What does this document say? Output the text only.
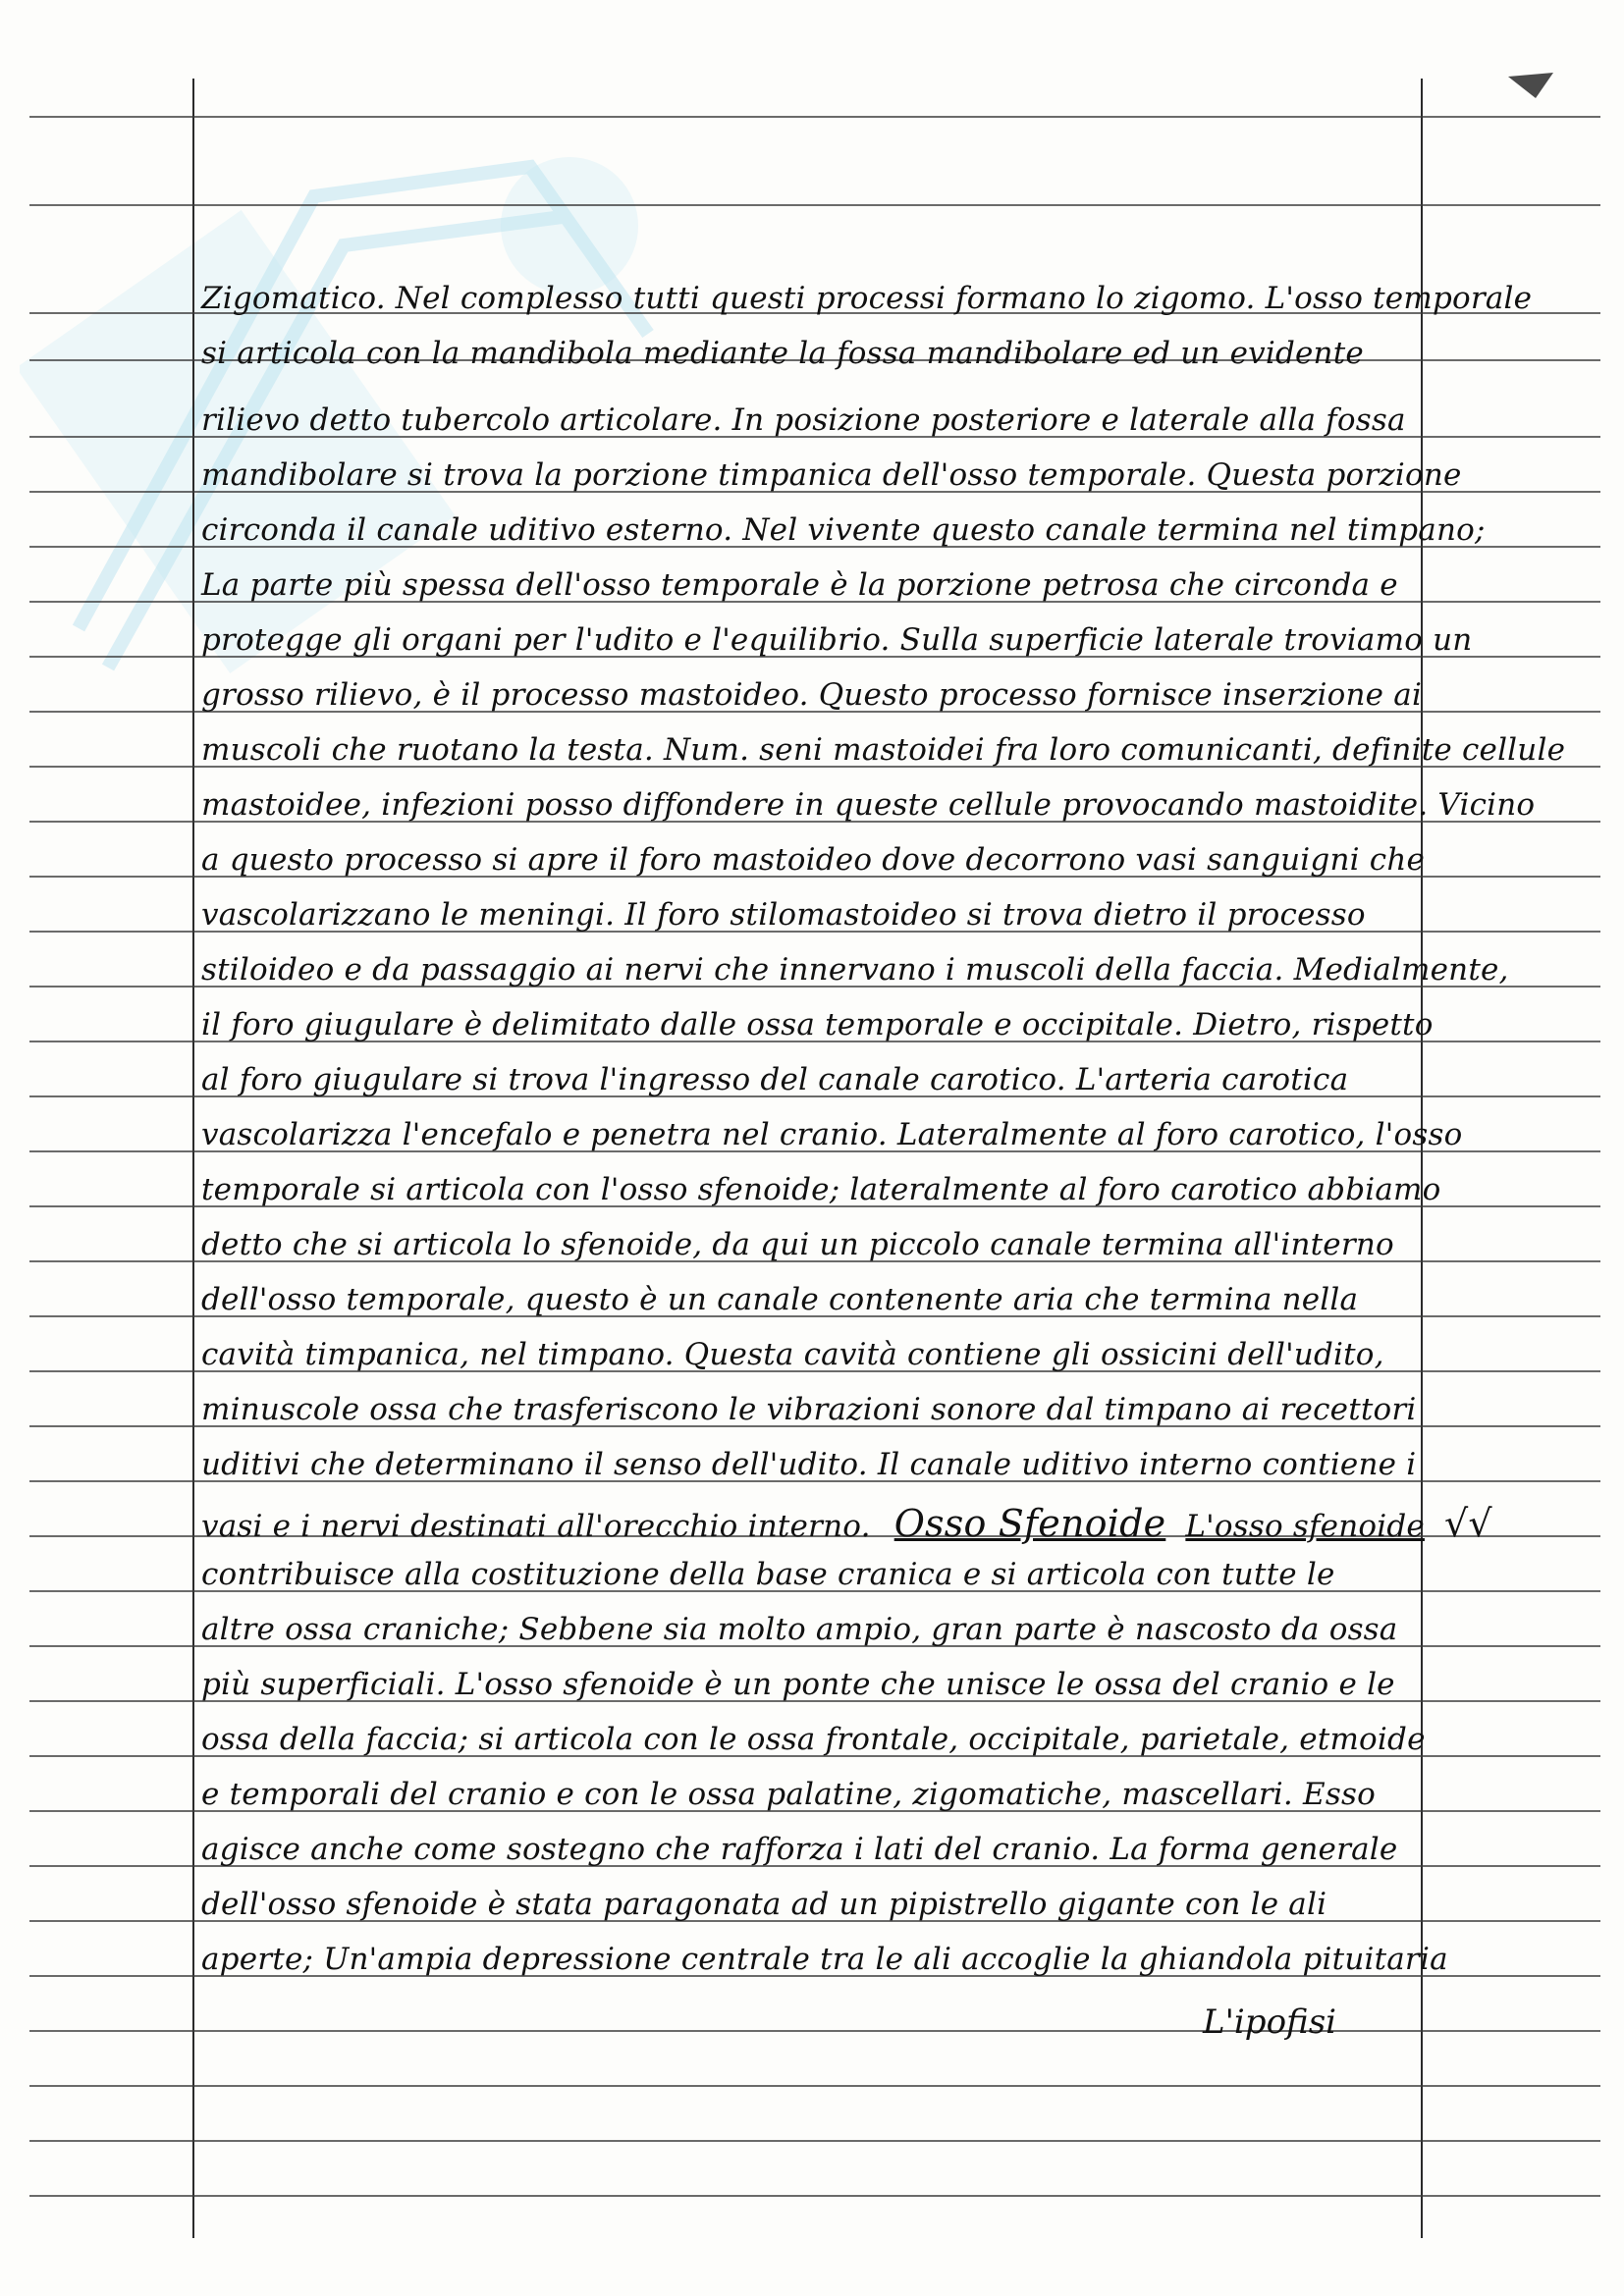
Zigomatico. Nel complesso tutti questi processi formano lo zigomo. L'osso temporale
si articola con la mandibola mediante la fossa mandibolare ed un evidente
rilievo detto tubercolo articolare. In posizione posteriore e laterale alla fossa
mandibolare si trova la porzione timpanica dell'osso temporale. Questa porzione
circonda il canale uditivo esterno. Nel vivente questo canale termina nel timpano;
La parte più spessa dell'osso temporale è la porzione petrosa che circonda e
protegge gli organi per l'udito e l'equilibrio. Sulla superficie laterale troviamo un
grosso rilievo, è il processo mastoideo. Questo processo fornisce inserzione ai
muscoli che ruotano la testa. Num. seni mastoidei fra loro comunicanti, definite cellule
mastoidee, infezioni posso diffondere in queste cellule provocando mastoidite. Vicino
a questo processo si apre il foro mastoideo dove decorrono vasi sanguigni che
vascolarizzano le meningi. Il foro stilomastoideo si trova dietro il processo
stiloideo e da passaggio ai nervi che innervano i muscoli della faccia. Medialmente,
il foro giugulare è delimitato dalle ossa temporale e occipitale. Dietro, rispetto
al foro giugulare si trova l'ingresso del canale carotico. L'arteria carotica
vascolarizza l'encefalo e penetra nel cranio. Lateralmente al foro carotico, l'osso
temporale si articola con l'osso sfenoide; lateralmente al foro carotico abbiamo
detto che si articola lo sfenoide, da qui un piccolo canale termina all'interno
dell'osso temporale, questo è un canale contenente aria che termina nella
cavità timpanica, nel timpano. Questa cavità contiene gli ossicini dell'udito,
minuscole ossa che trasferiscono le vibrazioni sonore dal timpano ai recettori
uditivi che determinano il senso dell'udito. Il canale uditivo interno contiene i
vasi e i nervi destinati all'orecchio interno. Osso Sfenoide L'osso sfenoide √√
contribuisce alla costituzione della base cranica e si articola con tutte le
altre ossa craniche; Sebbene sia molto ampio, gran parte è nascosto da ossa
più superficiali. L'osso sfenoide è un ponte che unisce le ossa del cranio e le
ossa della faccia; si articola con le ossa frontale, occipitale, parietale, etmoide
e temporali del cranio e con le ossa palatine, zigomatiche, mascellari. Esso
agisce anche come sostegno che rafforza i lati del cranio. La forma generale
dell'osso sfenoide è stata paragonata ad un pipistrello gigante con le ali
aperte; Un'ampia depressione centrale tra le ali accoglie la ghiandola pituitaria
L'ipofisi
